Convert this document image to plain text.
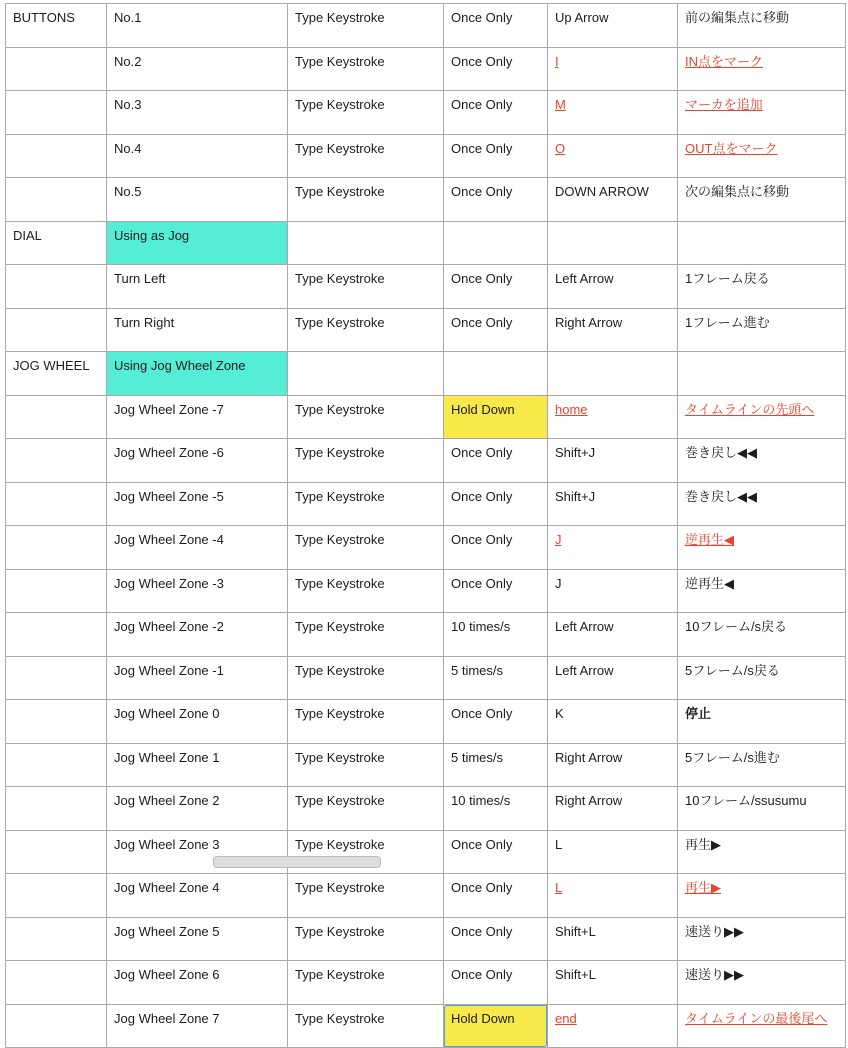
BUTTONS	No.1	Type Keystroke	Once Only	Up Arrow	前の編集点に移動
	No.2	Type Keystroke	Once Only	I	IN点をマーク
	No.3	Type Keystroke	Once Only	M	マーカを追加
	No.4	Type Keystroke	Once Only	O	OUT点をマーク
	No.5	Type Keystroke	Once Only	DOWN ARROW	次の編集点に移動
DIAL	Using as Jog				
	Turn Left	Type Keystroke	Once Only	Left Arrow	1フレーム戻る
	Turn Right	Type Keystroke	Once Only	Right Arrow	1フレーム進む
JOG WHEEL	Using Jog Wheel Zone				
	Jog Wheel Zone -7	Type Keystroke	Hold Down	home	タイムラインの先頭へ
	Jog Wheel Zone -6	Type Keystroke	Once Only	Shift+J	巻き戻し◀◀
	Jog Wheel Zone -5	Type Keystroke	Once Only	Shift+J	巻き戻し◀◀
	Jog Wheel Zone -4	Type Keystroke	Once Only	J	逆再生◀
	Jog Wheel Zone -3	Type Keystroke	Once Only	J	逆再生◀
	Jog Wheel Zone -2	Type Keystroke	10 times/s	Left Arrow	10フレーム/s戻る
	Jog Wheel Zone -1	Type Keystroke	5 times/s	Left Arrow	5フレーム/s戻る
	Jog Wheel Zone 0	Type Keystroke	Once Only	K	停止
	Jog Wheel Zone 1	Type Keystroke	5 times/s	Right Arrow	5フレーム/s進む
	Jog Wheel Zone 2	Type Keystroke	10 times/s	Right Arrow	10フレーム/ssusumu
	Jog Wheel Zone 3	Type Keystroke	Once Only	L	再生▶
	Jog Wheel Zone 4	Type Keystroke	Once Only	L	再生▶
	Jog Wheel Zone 5	Type Keystroke	Once Only	Shift+L	速送り▶▶
	Jog Wheel Zone 6	Type Keystroke	Once Only	Shift+L	速送り▶▶
	Jog Wheel Zone 7	Type Keystroke	Hold Down	end	タイムラインの最後尾へ
